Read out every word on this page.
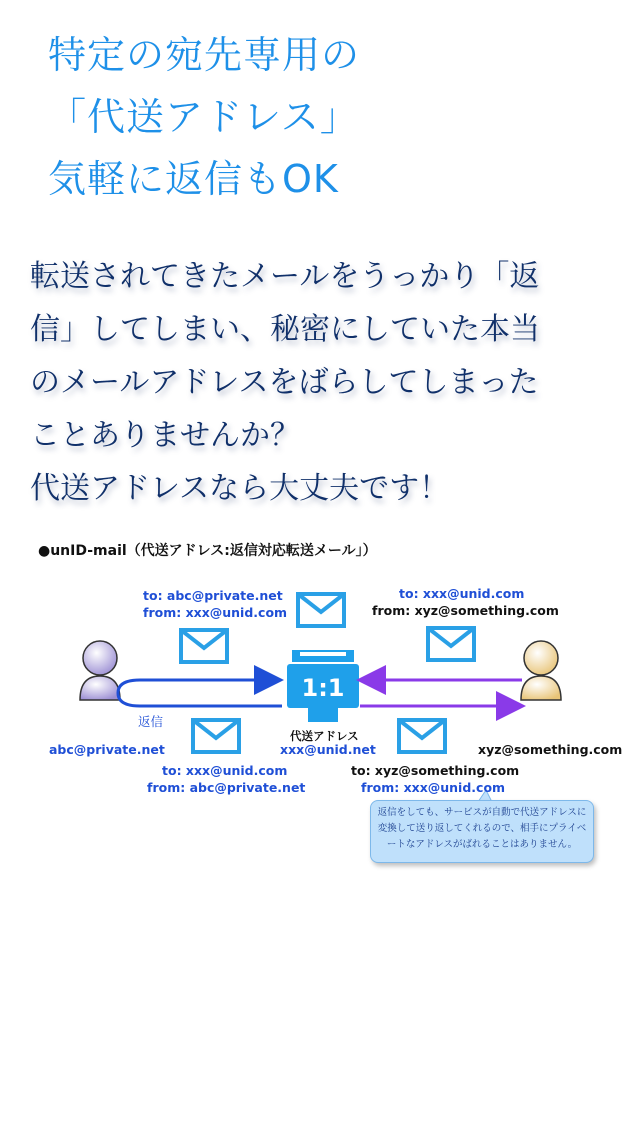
特定の宛先専用の
「代送アドレス」
気軽に返信もOK
転送されてきたメールをうっかり「返
信」してしまい、秘密にしていた本当
のメールアドレスをばらしてしまった
ことありませんか？
代送アドレスなら大丈夫です！
●unID-mail（代送アドレス:返信対応転送メール」）
1:1
to: abc@private.net
from: xxx@unid.com
to: xxx@unid.com
from: xyz@something.com
返信
abc@private.net
代送アドレス
xxx@unid.net	xyz@something.com
to: xxx@unid.com
from: abc@private.net
to: xyz@something.com
from: xxx@unid.com
返信をしても、サービスが自動で代送アドレスに変換して送り返してくれるので、相手にプライベートなアドレスがばれることはありません。
